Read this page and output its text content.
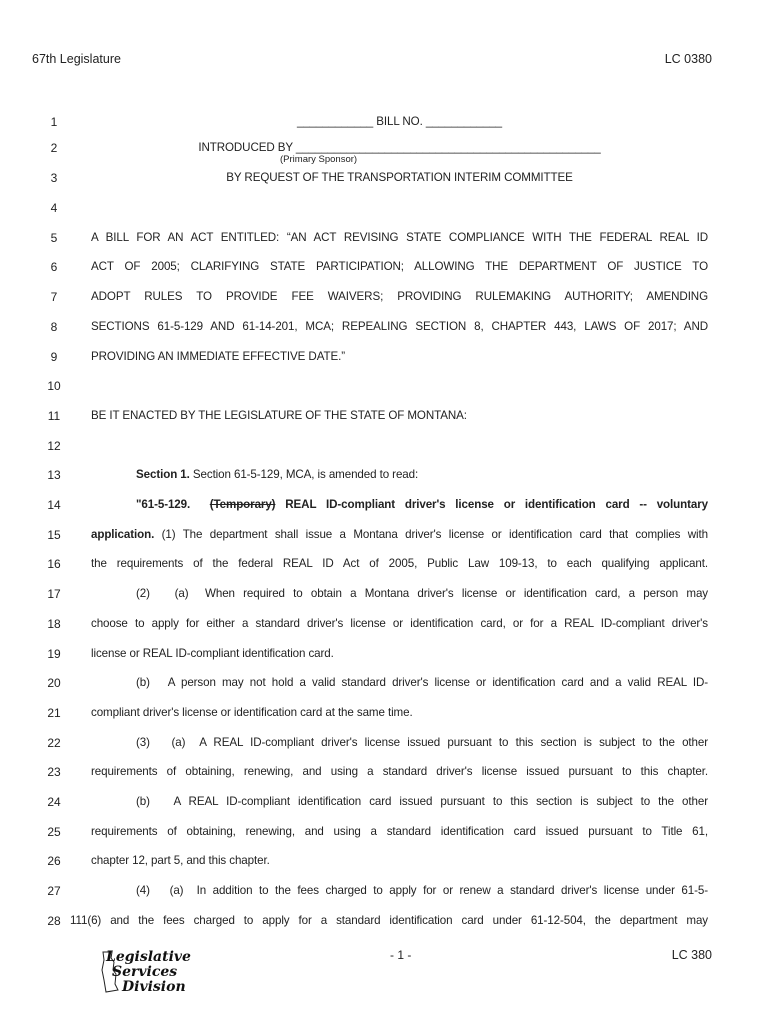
67th Legislature	LC 0380
1	____________ BILL NO. ____________
2	INTRODUCED BY ________________________________________________
3	BY REQUEST OF THE TRANSPORTATION INTERIM COMMITTEE
4
5	A BILL FOR AN ACT ENTITLED: “AN ACT REVISING STATE COMPLIANCE WITH THE FEDERAL REAL ID
6	ACT OF 2005; CLARIFYING STATE PARTICIPATION; ALLOWING THE DEPARTMENT OF JUSTICE TO
7	ADOPT RULES TO PROVIDE FEE WAIVERS; PROVIDING RULEMAKING AUTHORITY; AMENDING
8	SECTIONS 61-5-129 AND 61-14-201, MCA; REPEALING SECTION 8, CHAPTER 443, LAWS OF 2017; AND
9	PROVIDING AN IMMEDIATE EFFECTIVE DATE.”
10
11	BE IT ENACTED BY THE LEGISLATURE OF THE STATE OF MONTANA:
12
13	Section 1. Section 61-5-129, MCA, is amended to read:
14	"61-5-129. (Temporary) REAL ID-compliant driver's license or identification card -- voluntary
15	application. (1) The department shall issue a Montana driver's license or identification card that complies with
16	the requirements of the federal REAL ID Act of 2005, Public Law 109-13, to each qualifying applicant.
17	(2)   (a)  When required to obtain a Montana driver's license or identification card, a person may
18	choose to apply for either a standard driver's license or identification card, or for a REAL ID-compliant driver's
19	license or REAL ID-compliant identification card.
20	(b)   A person may not hold a valid standard driver's license or identification card and a valid REAL ID-
21	compliant driver's license or identification card at the same time.
22	(3)   (a)  A REAL ID-compliant driver's license issued pursuant to this section is subject to the other
23	requirements of obtaining, renewing, and using a standard driver's license issued pursuant to this chapter.
24	(b)   A REAL ID-compliant identification card issued pursuant to this section is subject to the other
25	requirements of obtaining, renewing, and using a standard identification card issued pursuant to Title 61,
26	chapter 12, part 5, and this chapter.
27	(4)   (a)  In addition to the fees charged to apply for or renew a standard driver's license under 61-5-
28 111(6) and the fees charged to apply for a standard identification card under 61-12-504, the department may
(Primary Sponsor)
- 1 -	LC 380
Legislative
Services
Division
